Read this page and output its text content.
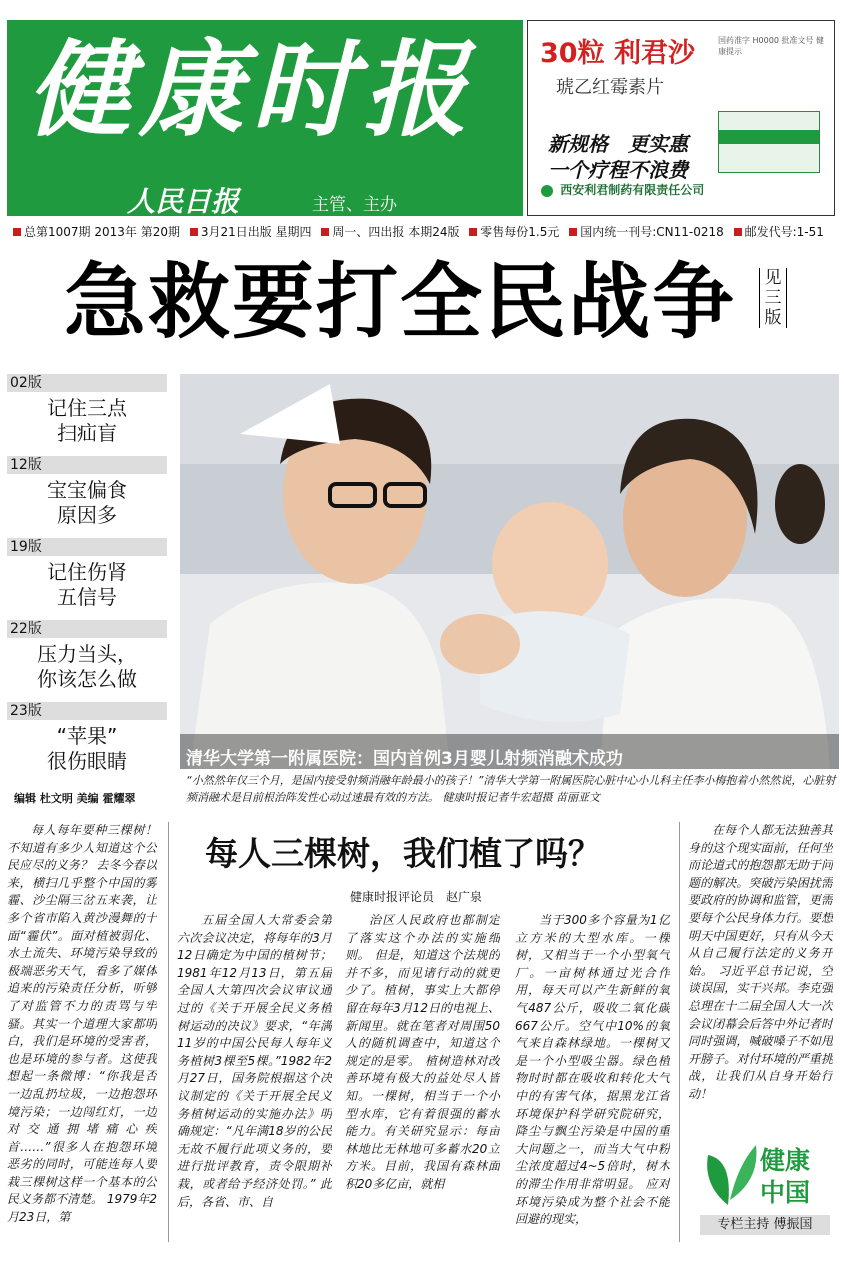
健康时报
人民日报	主管、主办
30粒 利君沙
琥乙红霉素片
国药准字 H0000 批准文号 健康提示
新规格　更实惠
一个疗程不浪费
西安利君制药有限责任公司
总第1007期 2013年 第20期 3月21日出版 星期四 周一、四出报 本期24版 零售每份1.5元 国内统一刊号:CN11-0218 邮发代号:1-51
急救要打全民战争	见三版
02版
记住三点
扫疝盲
12版
宝宝偏食
原因多
19版
记住伤肾
五信号
22版
压力当头，
你该怎么做
23版
“苹果”
很伤眼睛
编辑 杜文明 美编 霍耀翠
清华大学第一附属医院：国内首例3月婴儿射频消融术成功
“小然然年仅三个月，是国内接受射频消融年龄最小的孩子！”清华大学第一附属医院心脏中心小儿科主任李小梅抱着小然然说，心脏射频消融术是目前根治阵发性心动过速最有效的方法。 健康时报记者牛宏超摄 苗丽亚文
每人三棵树，我们植了吗？
健康时报评论员　赵广泉
每人每年要种三棵树！不知道有多少人知道这个公民应尽的义务？ 去冬今春以来，横扫几乎整个中国的雾霾、沙尘隔三岔五来袭，让多个省市陷入黄沙漫舞的十面“霾伏”。面对植被弱化、水土流失、环境污染导致的极端恶劣天气，看多了媒体追来的污染责任分析，听够了对监管不力的责骂与牢骚。其实一个道理大家都明白，我们是环境的受害者，也是环境的参与者。这使我想起一条微博：“你我是否一边乱扔垃圾，一边抱怨环境污染；一边闯红灯，一边对交通拥堵痛心疾首……”很多人在抱怨环境恶劣的同时，可能连每人要栽三棵树这样一个基本的公民义务都不清楚。 1979年2月23日，第
五届全国人大常委会第六次会议决定，将每年的3月12日确定为中国的植树节；1981年12月13日，第五届全国人大第四次会议审议通过的《关于开展全民义务植树运动的决议》要求，“年满11岁的中国公民每人每年义务植树3棵至5棵。”1982年2月27日，国务院根据这个决议制定的《关于开展全民义务植树运动的实施办法》明确规定：“凡年满18岁的公民无故不履行此项义务的，要进行批评教育，责令限期补栽，或者给予经济处罚。” 此后，各省、市、自
治区人民政府也都制定了落实这个办法的实施细则。 但是，知道这个法规的并不多，而见诸行动的就更少了。植树，事实上大都停留在每年3月12日的电视上、新闻里。就在笔者对周围50人的随机调查中，知道这个规定的是零。 植树造林对改善环境有极大的益处尽人皆知。一棵树，相当于一个小型水库，它有着很强的蓄水能力。有关研究显示：每亩林地比无林地可多蓄水20立方米。目前，我国有森林面积20多亿亩，就相
当于300多个容量为1亿立方米的大型水库。一棵树，又相当于一个小型氧气厂。一亩树林通过光合作用，每天可以产生新鲜的氧气487公斤，吸收二氧化碳667公斤。空气中10%的氧气来自森林绿地。一棵树又是一个小型吸尘器。绿色植物时时都在吸收和转化大气中的有害气体，据黑龙江省环境保护科学研究院研究，降尘与飘尘污染是中国的重大问题之一，而当大气中粉尘浓度超过4~5倍时，树木的滞尘作用非常明显。 应对环境污染成为整个社会不能回避的现实，
在每个人都无法独善其身的这个现实面前，任何坐而论道式的抱怨都无助于问题的解决。突破污染困扰需要政府的协调和监管，更需要每个公民身体力行。要想明天中国更好，只有从今天从自己履行法定的义务开始。 习近平总书记说，空谈误国，实干兴邦。李克强总理在十二届全国人大一次会议闭幕会后答中外记者时同时强调，喊破嗓子不如甩开膀子。对付环境的严重挑战，让我们从自身开始行动！
健康
中国
专栏主持 傅振国
